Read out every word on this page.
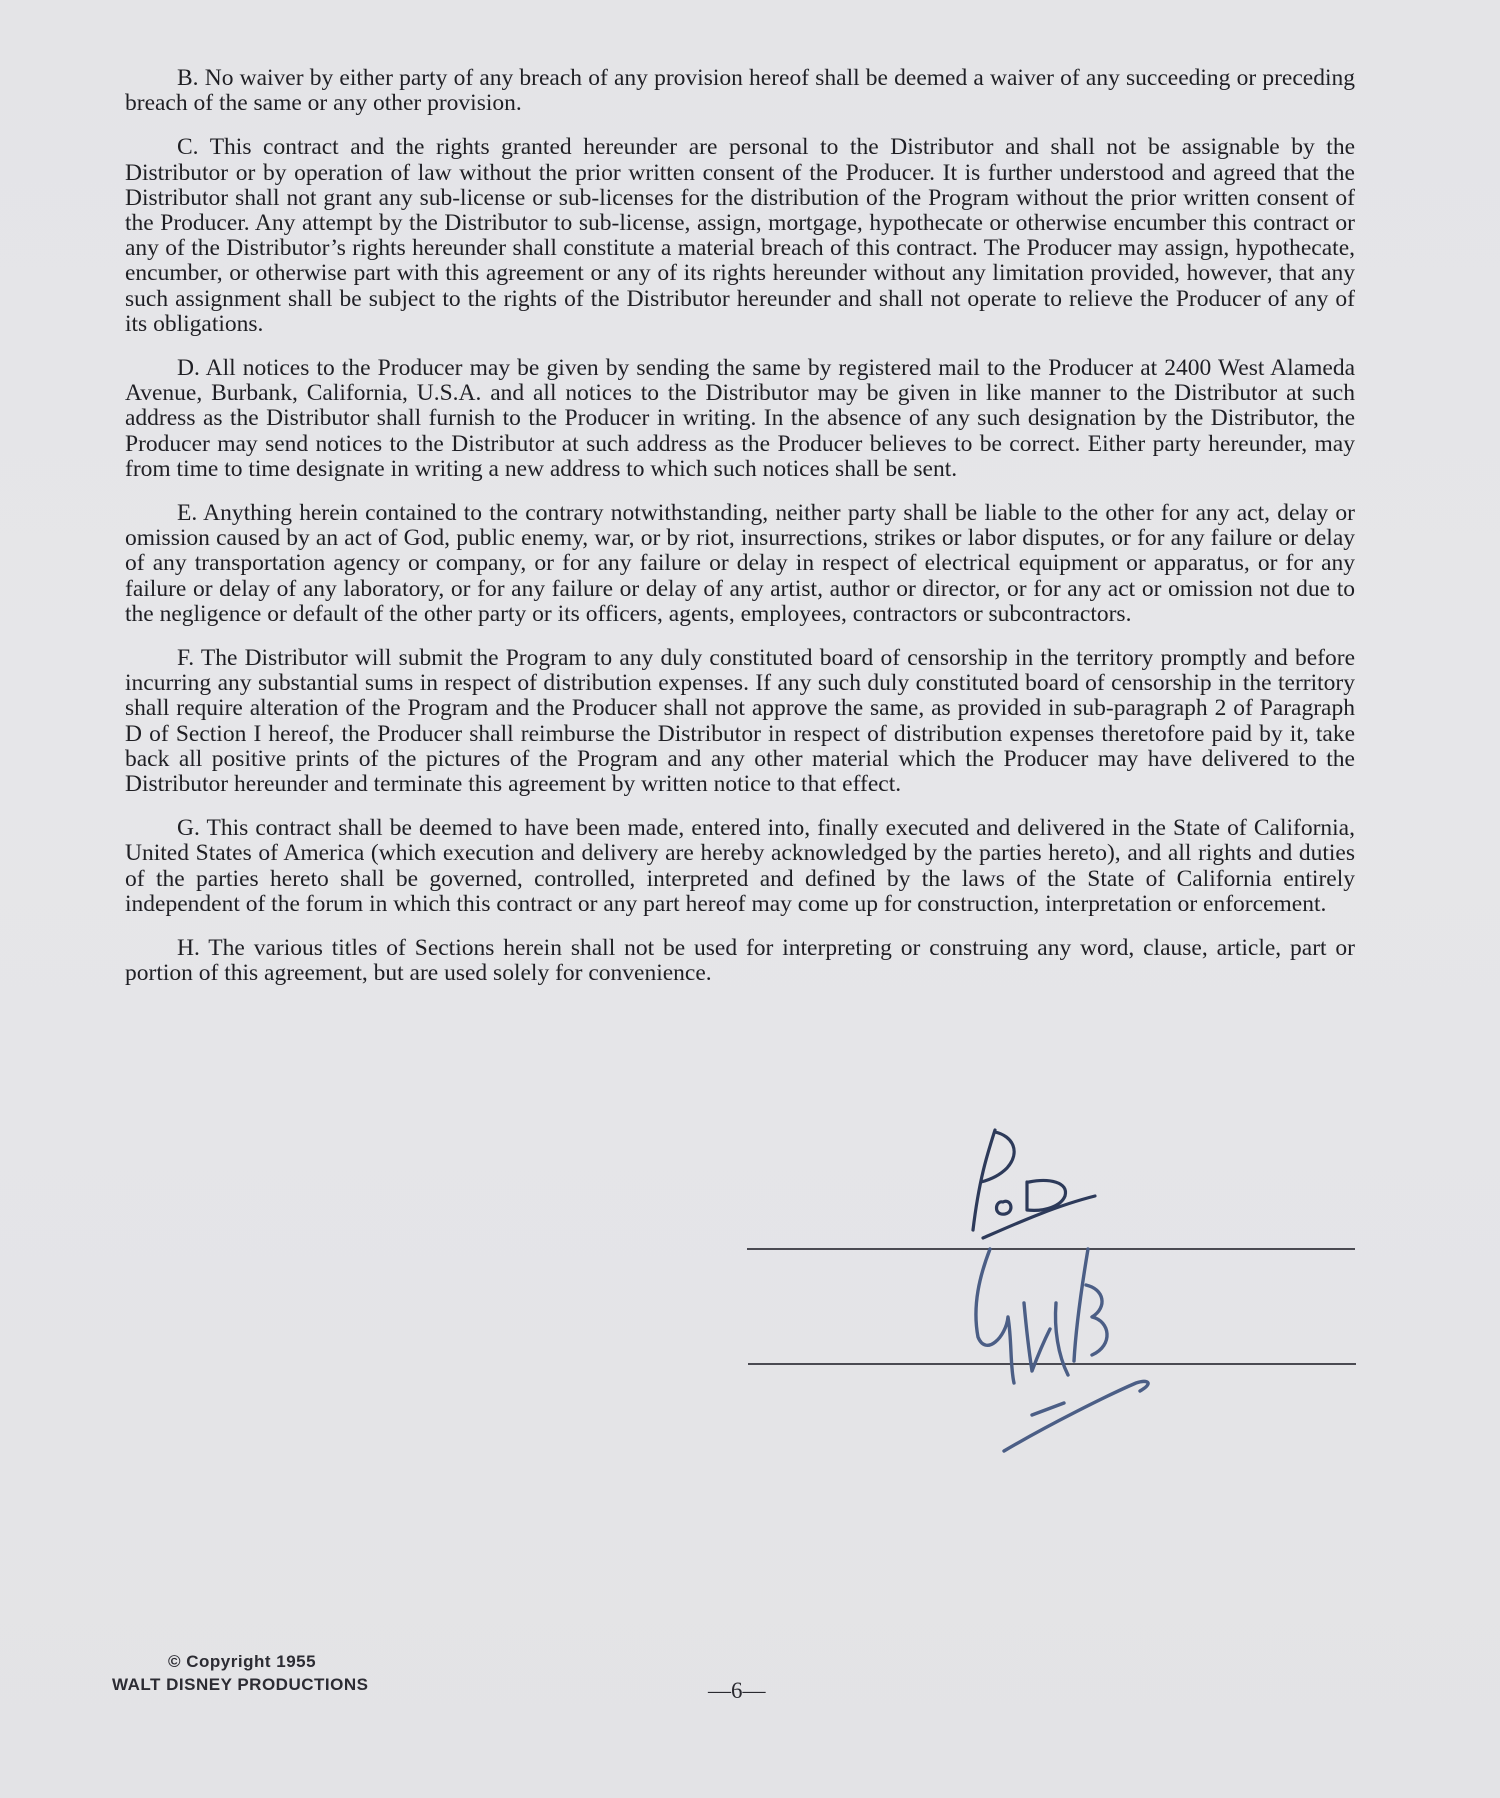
B. No waiver by either party of any breach of any provision hereof shall be deemed a waiver of any succeeding or preceding breach of the same or any other provision.

C. This contract and the rights granted hereunder are personal to the Distributor and shall not be assignable by the Distributor or by operation of law without the prior written consent of the Producer. It is further understood and agreed that the Distributor shall not grant any sub-license or sub-licenses for the distribution of the Program without the prior written consent of the Producer. Any attempt by the Distributor to sub-license, assign, mortgage, hypothecate or otherwise encumber this contract or any of the Distributor’s rights hereunder shall constitute a material breach of this contract. The Producer may assign, hypothecate, encumber, or otherwise part with this agreement or any of its rights hereunder without any limitation provided, however, that any such assignment shall be subject to the rights of the Distributor hereunder and shall not operate to relieve the Producer of any of its obligations.

D. All notices to the Producer may be given by sending the same by registered mail to the Producer at 2400 West Alameda Avenue, Burbank, California, U.S.A. and all notices to the Distributor may be given in like manner to the Distributor at such address as the Distributor shall furnish to the Producer in writing. In the absence of any such designation by the Distributor, the Producer may send notices to the Distributor at such address as the Producer believes to be correct. Either party hereunder, may from time to time designate in writing a new address to which such notices shall be sent.

E. Anything herein contained to the contrary notwithstanding, neither party shall be liable to the other for any act, delay or omission caused by an act of God, public enemy, war, or by riot, insurrections, strikes or labor disputes, or for any failure or delay of any transportation agency or company, or for any failure or delay in respect of electrical equipment or apparatus, or for any failure or delay of any laboratory, or for any failure or delay of any artist, author or director, or for any act or omission not due to the negligence or default of the other party or its officers, agents, employees, contractors or subcontractors.

F. The Distributor will submit the Program to any duly constituted board of censorship in the territory promptly and before incurring any substantial sums in respect of distribution expenses. If any such duly constituted board of censorship in the territory shall require alteration of the Program and the Producer shall not approve the same, as provided in sub-paragraph 2 of Paragraph D of Section I hereof, the Producer shall reimburse the Distributor in respect of distribution expenses theretofore paid by it, take back all positive prints of the pictures of the Program and any other material which the Producer may have delivered to the Distributor hereunder and terminate this agreement by written notice to that effect.

G. This contract shall be deemed to have been made, entered into, finally executed and delivered in the State of California, United States of America (which execution and delivery are hereby acknowledged by the parties hereto), and all rights and duties of the parties hereto shall be governed, controlled, interpreted and defined by the laws of the State of California entirely independent of the forum in which this contract or any part hereof may come up for construction, interpretation or enforcement.

H. The various titles of Sections herein shall not be used for interpreting or construing any word, clause, article, part or portion of this agreement, but are used solely for convenience.

© Copyright 1955
WALT DISNEY PRODUCTIONS	—6—
